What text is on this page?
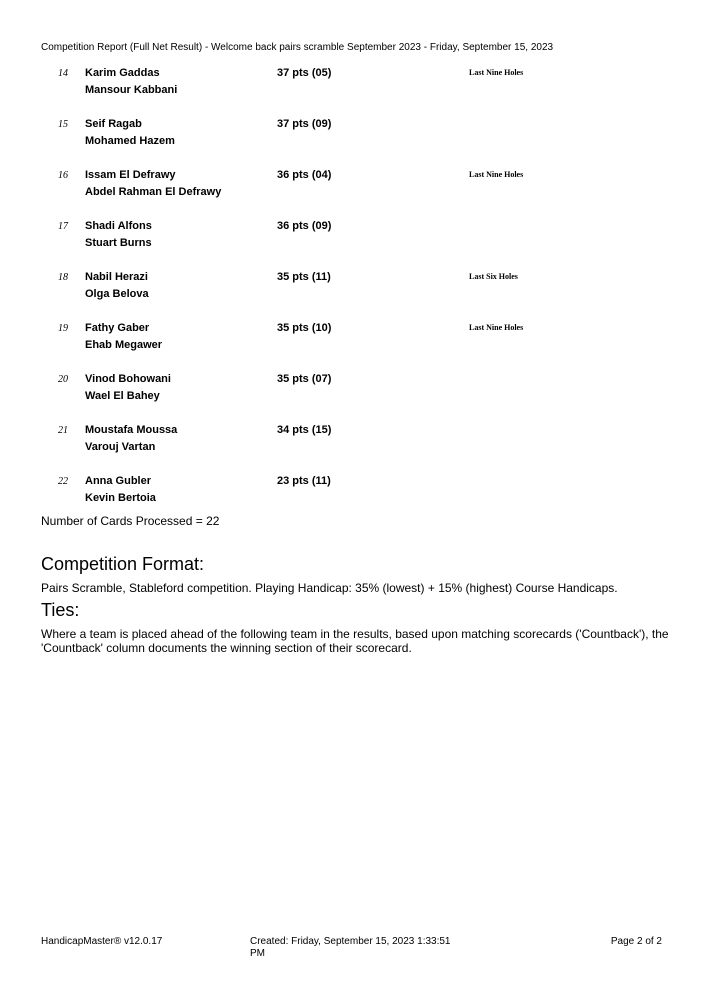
Competition Report (Full Net Result) - Welcome back pairs scramble September 2023 - Friday, September 15, 2023
14 Karim Gaddas
Mansour Kabbani
37 pts (05)	Last Nine Holes
15 Seif Ragab
Mohamed Hazem
37 pts (09)
16 Issam El Defrawy
Abdel Rahman El Defrawy
36 pts (04)	Last Nine Holes
17 Shadi Alfons
Stuart Burns
36 pts (09)
18 Nabil Herazi
Olga Belova
35 pts (11)	Last Six Holes
19 Fathy Gaber
Ehab Megawer
35 pts (10)	Last Nine Holes
20 Vinod Bohowani
Wael El Bahey
35 pts (07)
21 Moustafa Moussa
Varouj Vartan
34 pts (15)
22 Anna Gubler
Kevin Bertoia
23 pts (11)
Number of Cards Processed = 22
Competition Format:

Pairs Scramble, Stableford competition. Playing Handicap: 35% (lowest) + 15% (highest) Course Handicaps.

Ties:

Where a team is placed ahead of the following team in the results, based upon matching scorecards ('Countback'), the 'Countback' column documents the winning section of their scorecard.

HandicapMaster® v12.0.17	Created: Friday, September 15, 2023 1:33:51 PM
Page 2 of 2
